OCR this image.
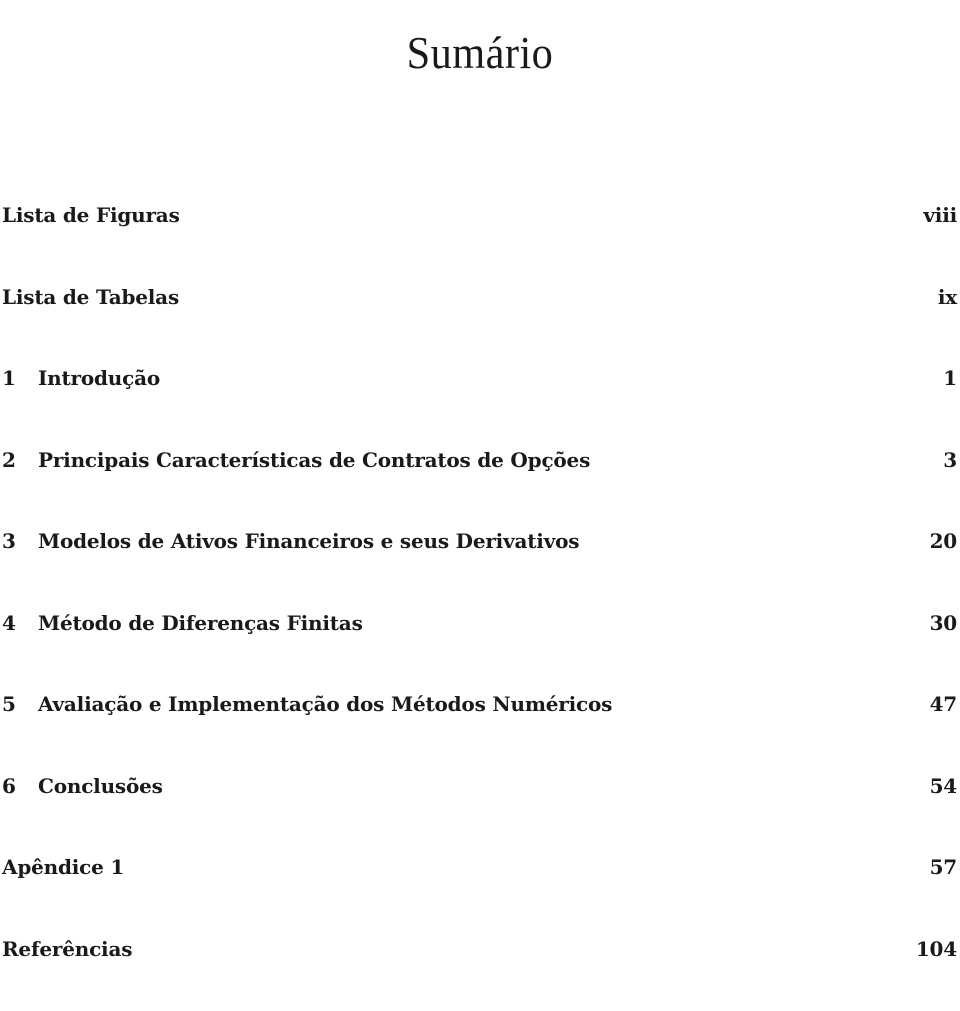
Sumário
Lista de Figuras	viii
Lista de Tabelas	ix
1	Introdução	1
2	Principais Características de Contratos de Opções	3
3	Modelos de Ativos Financeiros e seus Derivativos	20
4	Método de Diferenças Finitas	30
5	Avaliação e Implementação dos Métodos Numéricos	47
6	Conclusões	54
Apêndice 1	57
Referências	104
